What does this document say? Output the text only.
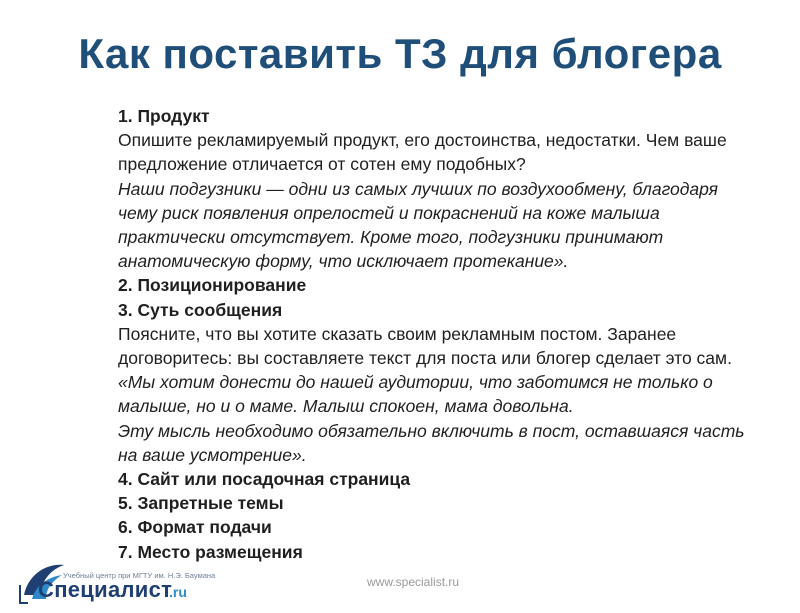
Как поставить ТЗ для блогера
1. Продукт
Опишите рекламируемый продукт, его достоинства, недостатки. Чем ваше
предложение отличается от сотен ему подобных?
Наши подгузники — одни из самых лучших по воздухообмену, благодаря
чему риск появления опрелостей и покраснений на коже малыша
практически отсутствует. Кроме того, подгузники принимают
анатомическую форму, что исключает протекание».
2. Позиционирование
3. Суть сообщения
Поясните, что вы хотите сказать своим рекламным постом. Заранее
договоритесь: вы составляете текст для поста или блогер сделает это сам.
«Мы хотим донести до нашей аудитории, что заботимся не только о
малыше, но и о маме. Малыш спокоен, мама довольна.
Эту мысль необходимо обязательно включить в пост, оставшаяся часть
на ваше усмотрение».
4. Сайт или посадочная страница
5. Запретные темы
6. Формат подачи
7. Место размещения
Учебный центр при МГТУ им. Н.Э. Баумана
Специалист
.ru
www.specialist.ru
